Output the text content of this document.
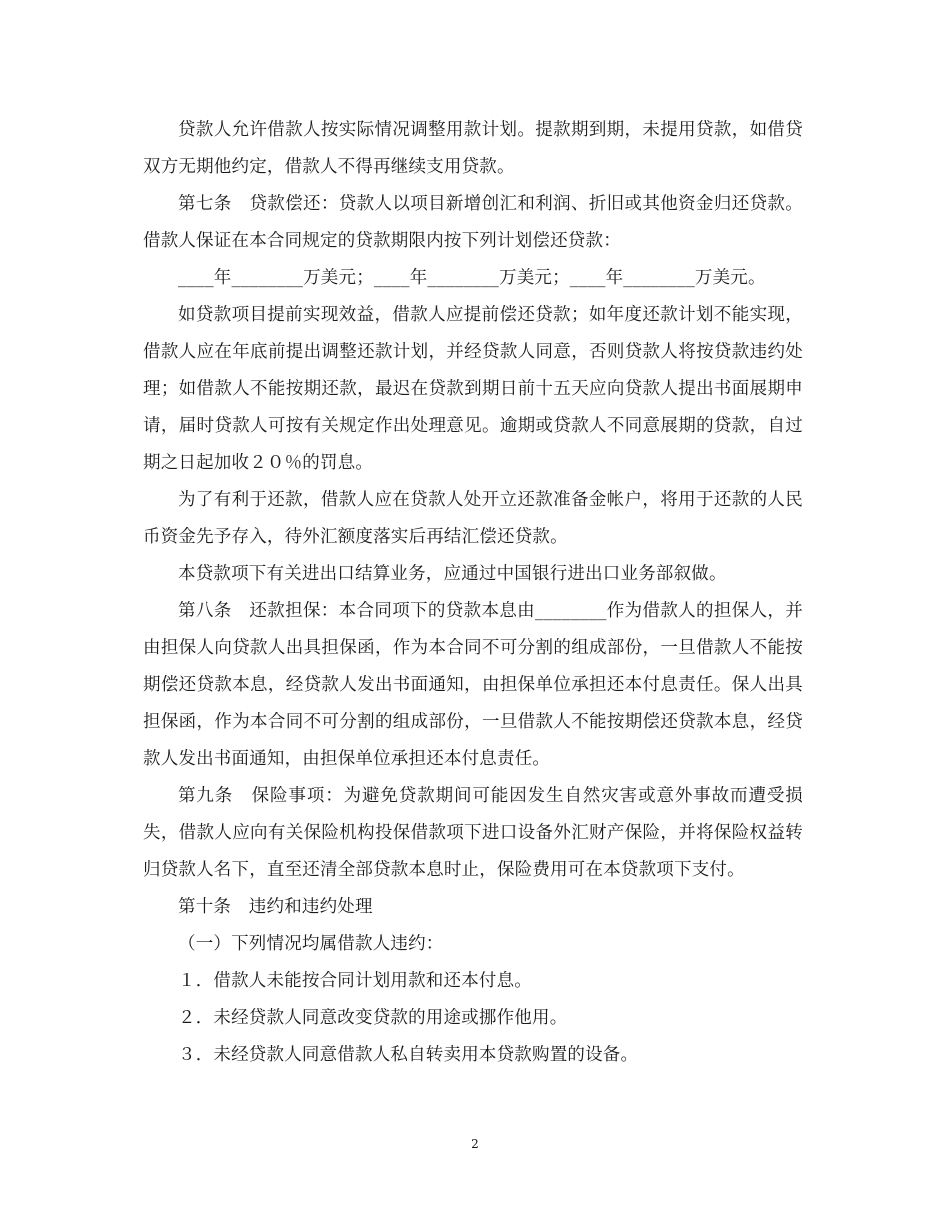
贷款人允许借款人按实际情况调整用款计划。提款期到期，未提用贷款，如借贷双方无期他约定，借款人不得再继续支用贷款。

第七条　贷款偿还：贷款人以项目新增创汇和利润、折旧或其他资金归还贷款。借款人保证在本合同规定的贷款期限内按下列计划偿还贷款：

____年________万美元；____年________万美元；____年________万美元。

如贷款项目提前实现效益，借款人应提前偿还贷款；如年度还款计划不能实现，借款人应在年底前提出调整还款计划，并经贷款人同意，否则贷款人将按贷款违约处理；如借款人不能按期还款，最迟在贷款到期日前十五天应向贷款人提出书面展期申请，届时贷款人可按有关规定作出处理意见。逾期或贷款人不同意展期的贷款，自过期之日起加收２０％的罚息。

为了有利于还款，借款人应在贷款人处开立还款准备金帐户，将用于还款的人民币资金先予存入，待外汇额度落实后再结汇偿还贷款。

本贷款项下有关进出口结算业务，应通过中国银行进出口业务部叙做。

第八条　还款担保：本合同项下的贷款本息由________作为借款人的担保人，并由担保人向贷款人出具担保函，作为本合同不可分割的组成部份，一旦借款人不能按期偿还贷款本息，经贷款人发出书面通知，由担保单位承担还本付息责任。保人出具担保函，作为本合同不可分割的组成部份，一旦借款人不能按期偿还贷款本息，经贷款人发出书面通知，由担保单位承担还本付息责任。

第九条　保险事项：为避免贷款期间可能因发生自然灾害或意外事故而遭受损失，借款人应向有关保险机构投保借款项下进口设备外汇财产保险，并将保险权益转归贷款人名下，直至还清全部贷款本息时止，保险费用可在本贷款项下支付。

第十条　违约和违约处理

（一）下列情况均属借款人违约：

１．借款人未能按合同计划用款和还本付息。

２．未经贷款人同意改变贷款的用途或挪作他用。

３．未经贷款人同意借款人私自转卖用本贷款购置的设备。

2
